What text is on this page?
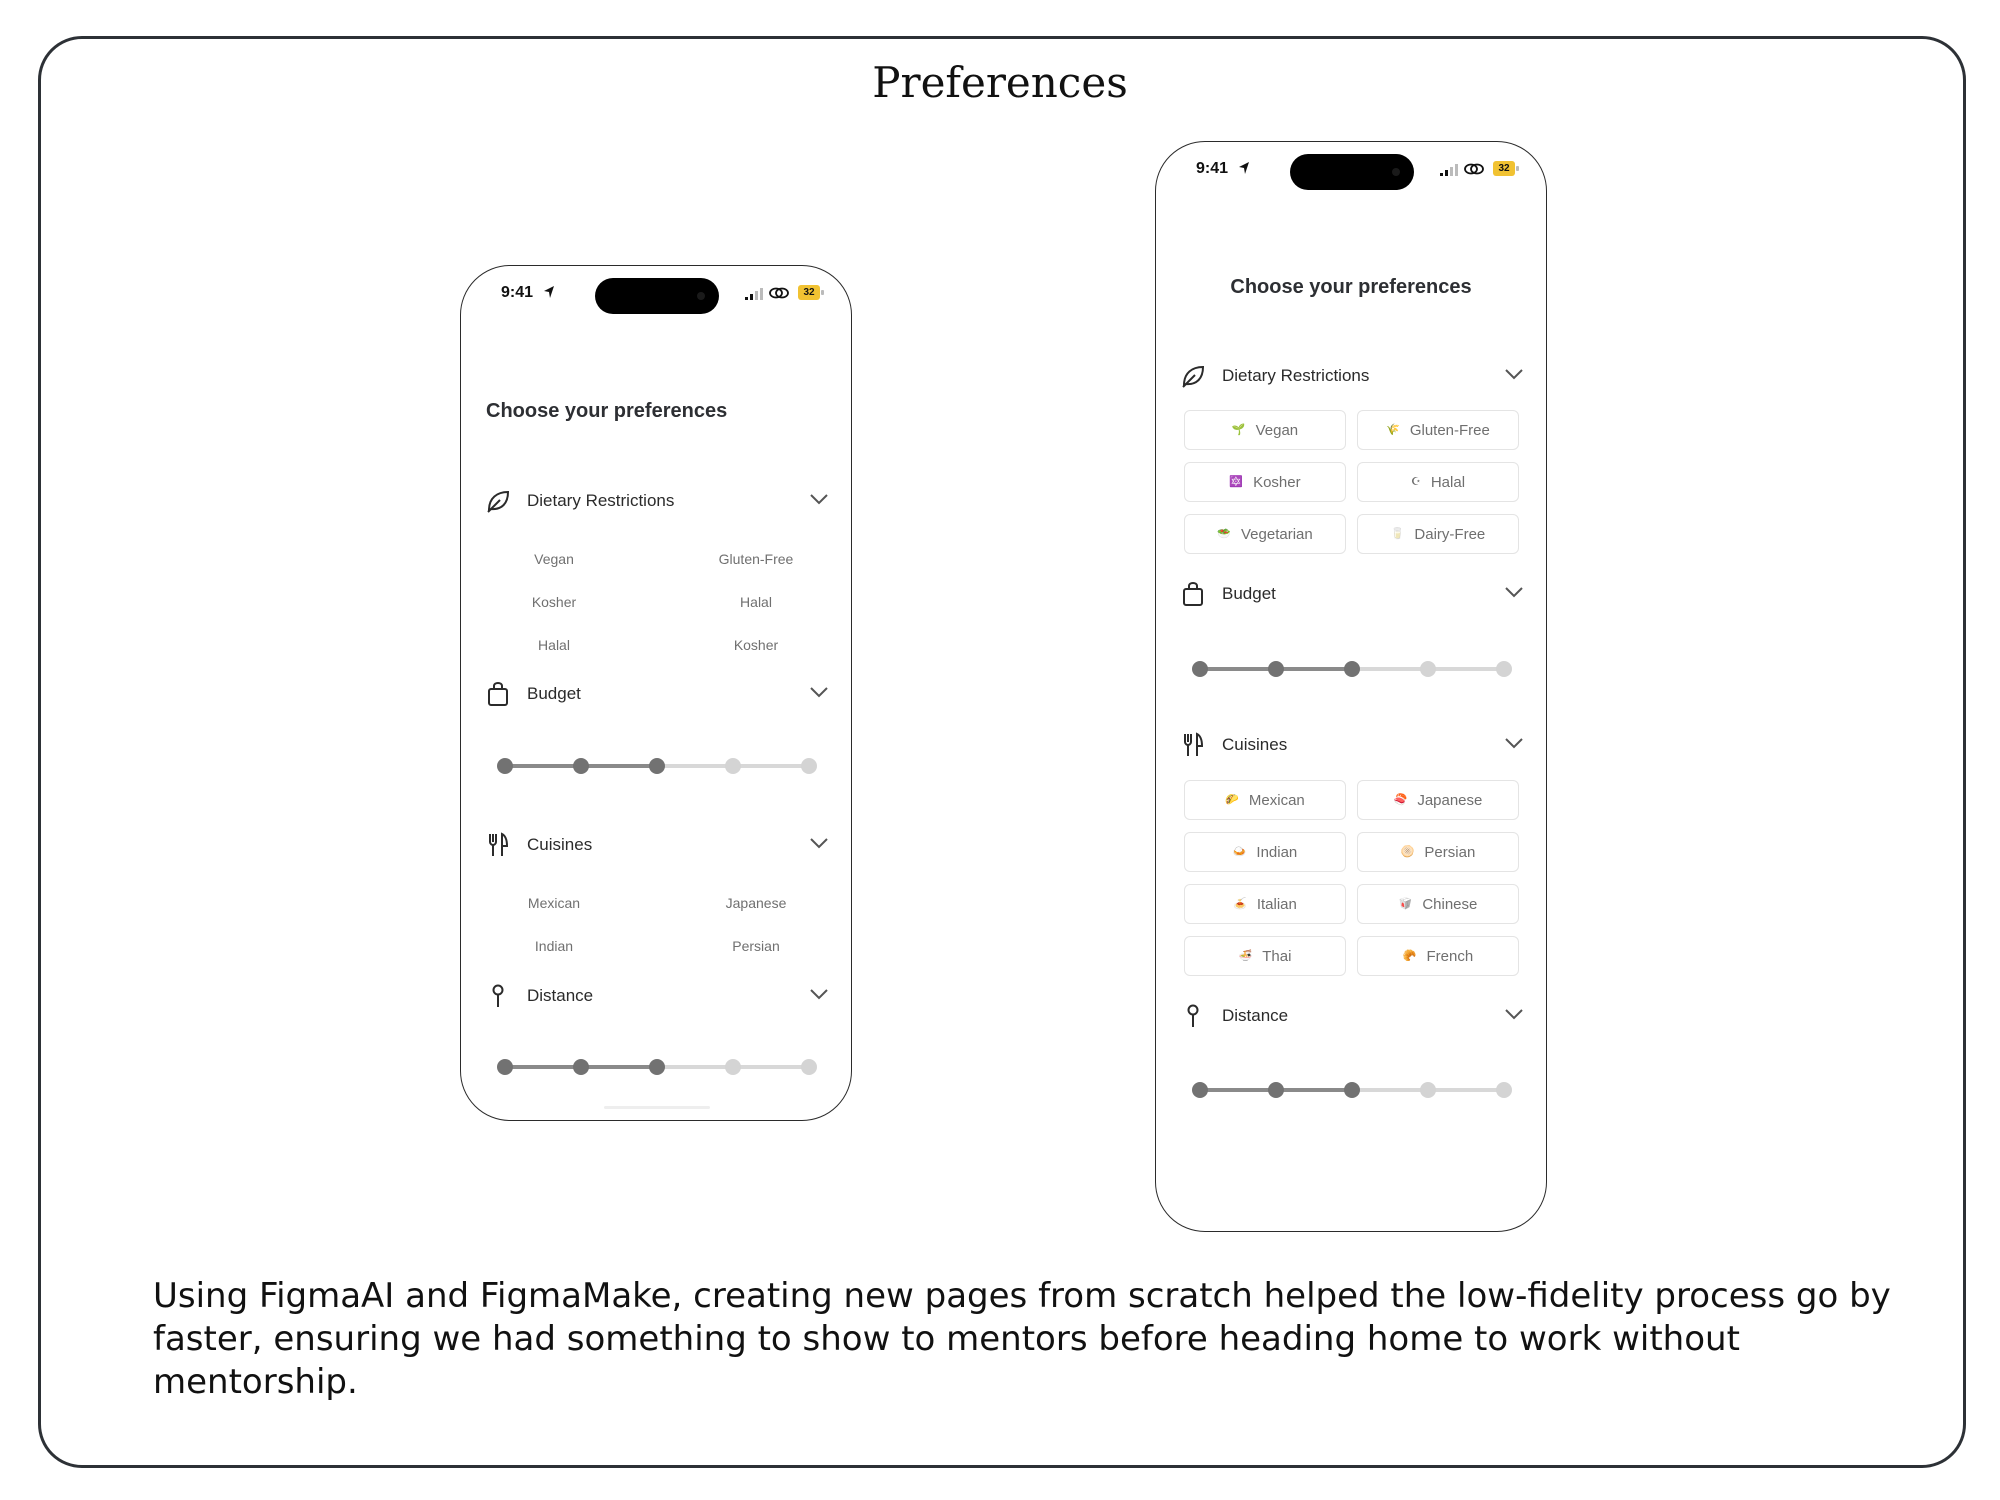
Preferences
9:41	32
Choose your preferences
Dietary Restrictions
Vegan	Gluten-Free
Kosher	Halal
Halal	Kosher
Budget
Cuisines
Mexican	Japanese
Indian	Persian
Distance
9:41	32
Choose your preferences
Dietary Restrictions
🌱 Vegan	🌾 Gluten-Free
🔯 Kosher	☪ Halal
🥗 Vegetarian	🥛 Dairy-Free
Budget
Cuisines
🌮 Mexican	🍣 Japanese
🍛 Indian	🫓 Persian
🍝 Italian	🥡 Chinese
🍜 Thai	🥐 French
Distance
Using FigmaAI and FigmaMake, creating new pages from scratch helped the low-fidelity process go by faster, ensuring we had something to show to mentors before heading home to work without mentorship.
